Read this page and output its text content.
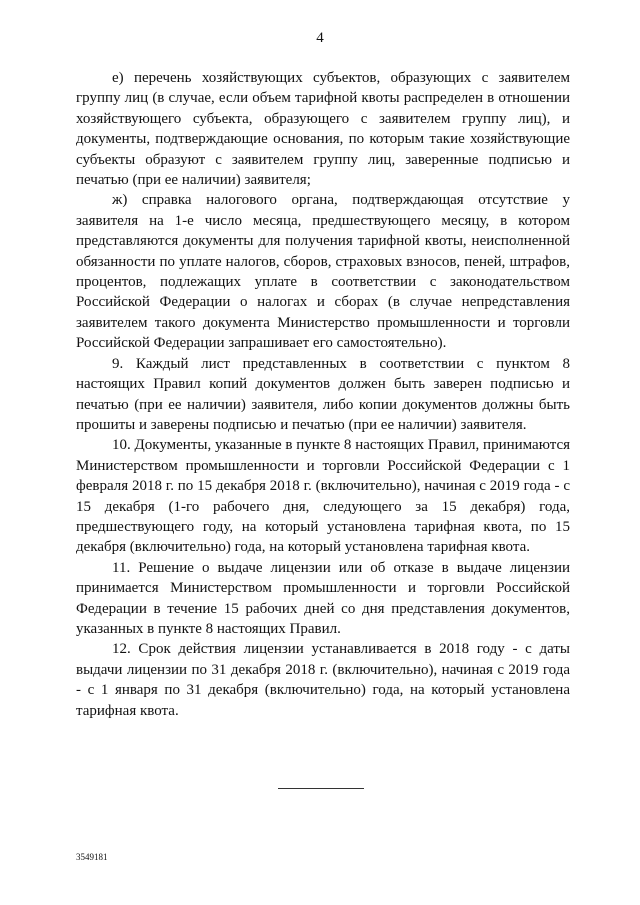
4

е) перечень хозяйствующих субъектов, образующих с заявителем группу лиц (в случае, если объем тарифной квоты распределен в отношении хозяйствующего субъекта, образующего с заявителем группу лиц), и документы, подтверждающие основания, по которым такие хозяйствующие субъекты образуют с заявителем группу лиц, заверенные подписью и печатью (при ее наличии) заявителя;

ж) справка налогового органа, подтверждающая отсутствие у заявителя на 1-е число месяца, предшествующего месяцу, в котором представляются документы для получения тарифной квоты, неисполненной обязанности по уплате налогов, сборов, страховых взносов, пеней, штрафов, процентов, подлежащих уплате в соответствии с законодательством Российской Федерации о налогах и сборах (в случае непредставления заявителем такого документа Министерство промышленности и торговли Российской Федерации запрашивает его самостоятельно).

9. Каждый лист представленных в соответствии с пунктом 8 настоящих Правил копий документов должен быть заверен подписью и печатью (при ее наличии) заявителя, либо копии документов должны быть прошиты и заверены подписью и печатью (при ее наличии) заявителя.

10. Документы, указанные в пункте 8 настоящих Правил, принимаются Министерством промышленности и торговли Российской Федерации с 1 февраля 2018 г. по 15 декабря 2018 г. (включительно), начиная с 2019 года - с 15 декабря (1-го рабочего дня, следующего за 15 декабря) года, предшествующего году, на который установлена тарифная квота, по 15 декабря (включительно) года, на который установлена тарифная квота.

11. Решение о выдаче лицензии или об отказе в выдаче лицензии принимается Министерством промышленности и торговли Российской Федерации в течение 15 рабочих дней со дня представления документов, указанных в пункте 8 настоящих Правил.

12. Срок действия лицензии устанавливается в 2018 году - с даты выдачи лицензии по 31 декабря 2018 г. (включительно), начиная с 2019 года - с 1 января по 31 декабря (включительно) года, на который установлена тарифная квота.

3549181
